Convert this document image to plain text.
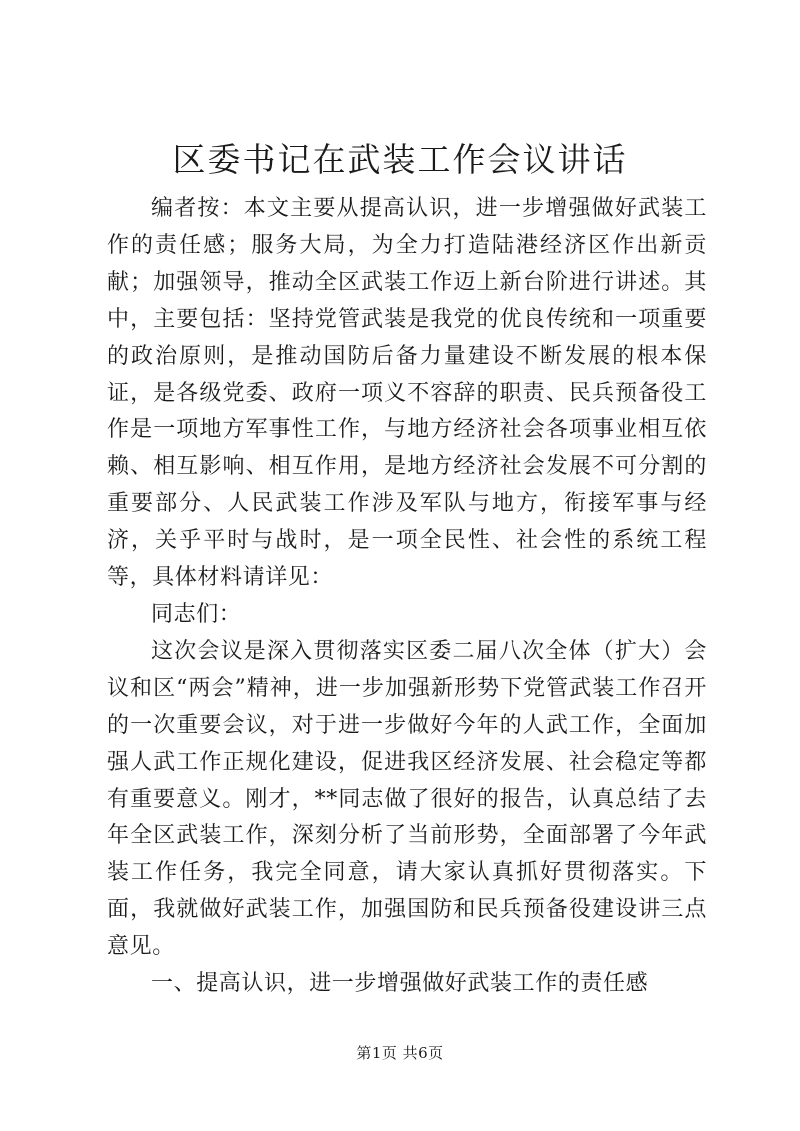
区委书记在武装工作会议讲话

编者按：本文主要从提高认识，进一步增强做好武装工作的责任感；服务大局，为全力打造陆港经济区作出新贡献；加强领导，推动全区武装工作迈上新台阶进行讲述。其中，主要包括：坚持党管武装是我党的优良传统和一项重要的政治原则，是推动国防后备力量建设不断发展的根本保证，是各级党委、政府一项义不容辞的职责、民兵预备役工作是一项地方军事性工作，与地方经济社会各项事业相互依赖、相互影响、相互作用，是地方经济社会发展不可分割的重要部分、人民武装工作涉及军队与地方，衔接军事与经济，关乎平时与战时，是一项全民性、社会性的系统工程等，具体材料请详见：

同志们：

这次会议是深入贯彻落实区委二届八次全体（扩大）会议和区“两会”精神，进一步加强新形势下党管武装工作召开的一次重要会议，对于进一步做好今年的人武工作，全面加强人武工作正规化建设，促进我区经济发展、社会稳定等都有重要意义。刚才，**同志做了很好的报告，认真总结了去年全区武装工作，深刻分析了当前形势，全面部署了今年武装工作任务，我完全同意，请大家认真抓好贯彻落实。下面，我就做好武装工作，加强国防和民兵预备役建设讲三点意见。

一、提高认识，进一步增强做好武装工作的责任感

第1页 共6页
